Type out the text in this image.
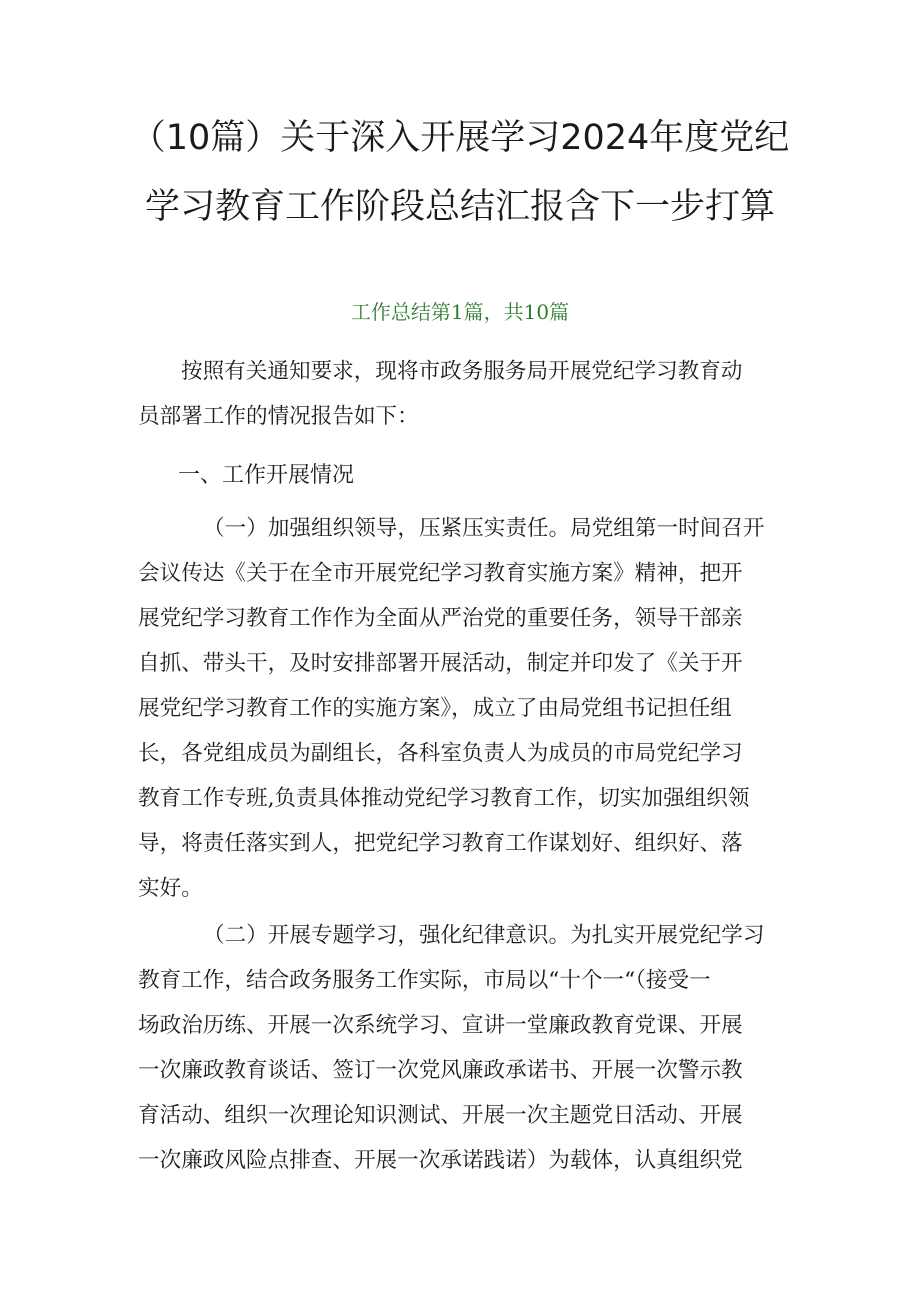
（10篇）关于深入开展学习2024年度党纪
学习教育工作阶段总结汇报含下一步打算

工作总结第1篇，共10篇

按照有关通知要求，现将市政务服务局开展党纪学习教育动
员部署工作的情况报告如下：

一、工作开展情况

（一）加强组织领导，压紧压实责任。局党组第一时间召开
会议传达《关于在全市开展党纪学习教育实施方案》精神，把开
展党纪学习教育工作作为全面从严治党的重要任务，领导干部亲
自抓、带头干，及时安排部署开展活动，制定并印发了《关于开
展党纪学习教育工作的实施方案》，成立了由局党组书记担任组
长，各党组成员为副组长，各科室负责人为成员的市局党纪学习
教育工作专班,负责具体推动党纪学习教育工作，切实加强组织领
导，将责任落实到人，把党纪学习教育工作谋划好、组织好、落
实好。

（二）开展专题学习，强化纪律意识。为扎实开展党纪学习
教育工作，结合政务服务工作实际，市局以“十个一“（接受一
场政治历练、开展一次系统学习、宣讲一堂廉政教育党课、开展
一次廉政教育谈话、签订一次党风廉政承诺书、开展一次警示教
育活动、组织一次理论知识测试、开展一次主题党日活动、开展
一次廉政风险点排查、开展一次承诺践诺）为载体，认真组织党
